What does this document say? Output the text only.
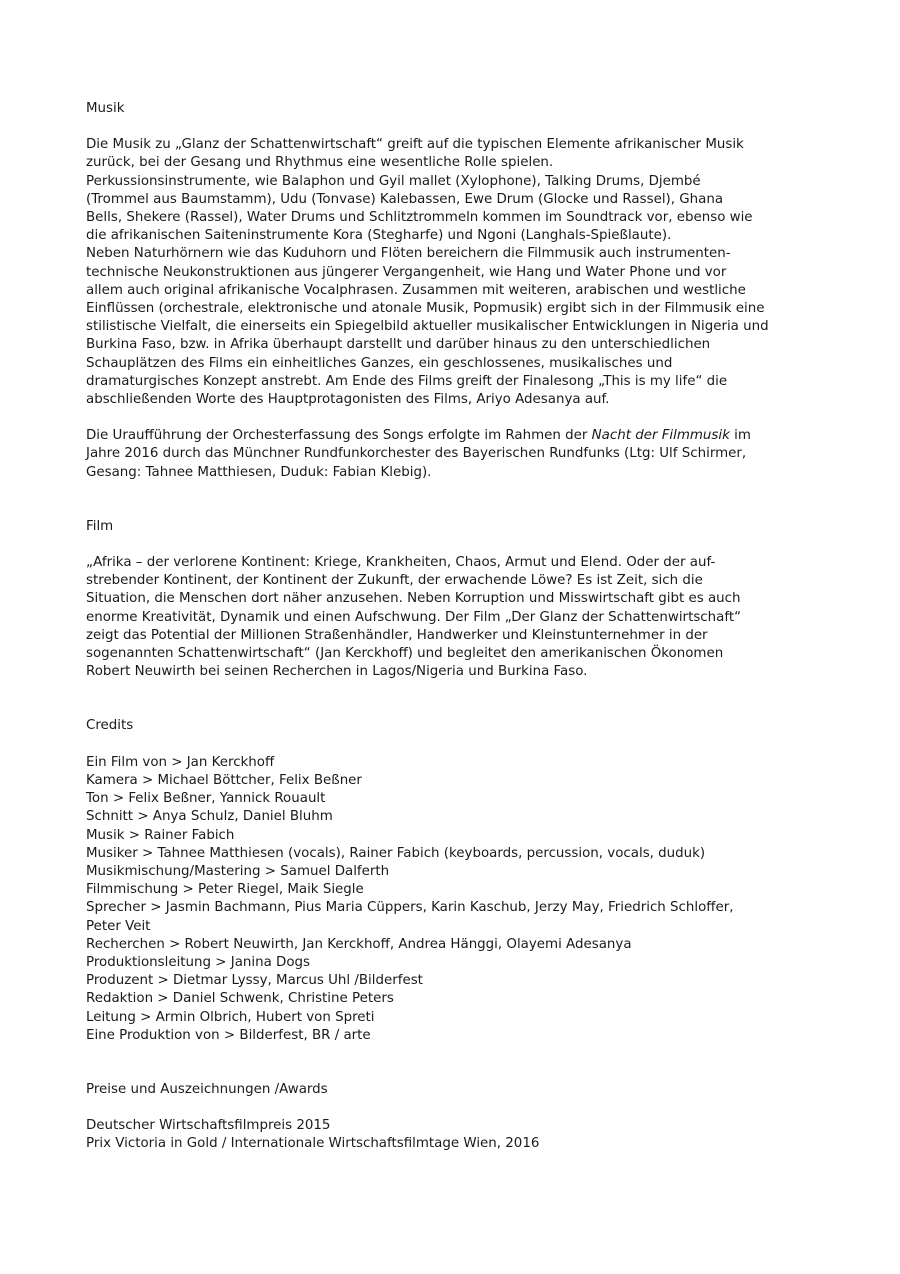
Musik

Die Musik zu „Glanz der Schattenwirtschaft“ greift auf die typischen Elemente afrikanischer Musik
zurück, bei der Gesang und Rhythmus eine wesentliche Rolle spielen.
Perkussionsinstrumente, wie Balaphon und Gyil mallet (Xylophone), Talking Drums, Djembé
(Trommel aus Baumstamm), Udu (Tonvase) Kalebassen, Ewe Drum (Glocke und Rassel), Ghana
Bells, Shekere (Rassel), Water Drums und Schlitztrommeln kommen im Soundtrack vor, ebenso wie
die afrikanischen Saiteninstrumente Kora (Stegharfe) und Ngoni (Langhals-Spießlaute).
Neben Naturhörnern wie das Kuduhorn und Flöten bereichern die Filmmusik auch instrumenten-
technische Neukonstruktionen aus jüngerer Vergangenheit, wie Hang und Water Phone und vor
allem auch original afrikanische Vocalphrasen. Zusammen mit weiteren, arabischen und westliche
Einflüssen (orchestrale, elektronische und atonale Musik, Popmusik) ergibt sich in der Filmmusik eine
stilistische Vielfalt, die einerseits ein Spiegelbild aktueller musikalischer Entwicklungen in Nigeria und
Burkina Faso, bzw. in Afrika überhaupt darstellt und darüber hinaus zu den unterschiedlichen
Schauplätzen des Films ein einheitliches Ganzes, ein geschlossenes, musikalisches und
dramaturgisches Konzept anstrebt. Am Ende des Films greift der Finalesong „This is my life“ die
abschließenden Worte des Hauptprotagonisten des Films, Ariyo Adesanya auf.
Die Uraufführung der Orchesterfassung des Songs erfolgte im Rahmen der Nacht der Filmmusik im
Jahre 2016 durch das Münchner Rundfunkorchester des Bayerischen Rundfunks (Ltg: Ulf Schirmer,
Gesang: Tahnee Matthiesen, Duduk: Fabian Klebig).

Film

„Afrika – der verlorene Kontinent: Kriege, Krankheiten, Chaos, Armut und Elend. Oder der auf-
strebender Kontinent, der Kontinent der Zukunft, der erwachende Löwe? Es ist Zeit, sich die
Situation, die Menschen dort näher anzusehen. Neben Korruption und Misswirtschaft gibt es auch
enorme Kreativität, Dynamik und einen Aufschwung. Der Film „Der Glanz der Schattenwirtschaft“
zeigt das Potential der Millionen Straßenhändler, Handwerker und Kleinstunternehmer in der
sogenannten Schattenwirtschaft“ (Jan Kerckhoff) und begleitet den amerikanischen Ökonomen
Robert Neuwirth bei seinen Recherchen in Lagos/Nigeria und Burkina Faso.

Credits

Ein Film von > Jan Kerckhoff
Kamera > Michael Böttcher, Felix Beßner
Ton > Felix Beßner, Yannick Rouault
Schnitt > Anya Schulz, Daniel Bluhm
Musik > Rainer Fabich
Musiker > Tahnee Matthiesen (vocals), Rainer Fabich (keyboards, percussion, vocals, duduk)
Musikmischung/Mastering > Samuel Dalferth
Filmmischung > Peter Riegel, Maik Siegle
Sprecher > Jasmin Bachmann, Pius Maria Cüppers, Karin Kaschub, Jerzy May, Friedrich Schloffer,
Peter Veit
Recherchen > Robert Neuwirth, Jan Kerckhoff, Andrea Hänggi, Olayemi Adesanya
Produktionsleitung > Janina Dogs
Produzent > Dietmar Lyssy, Marcus Uhl /Bilderfest
Redaktion > Daniel Schwenk, Christine Peters
Leitung > Armin Olbrich, Hubert von Spreti
Eine Produktion von > Bilderfest, BR / arte

Preise und Auszeichnungen /Awards

Deutscher Wirtschaftsfilmpreis 2015
Prix Victoria in Gold / Internationale Wirtschaftsfilmtage Wien, 2016
